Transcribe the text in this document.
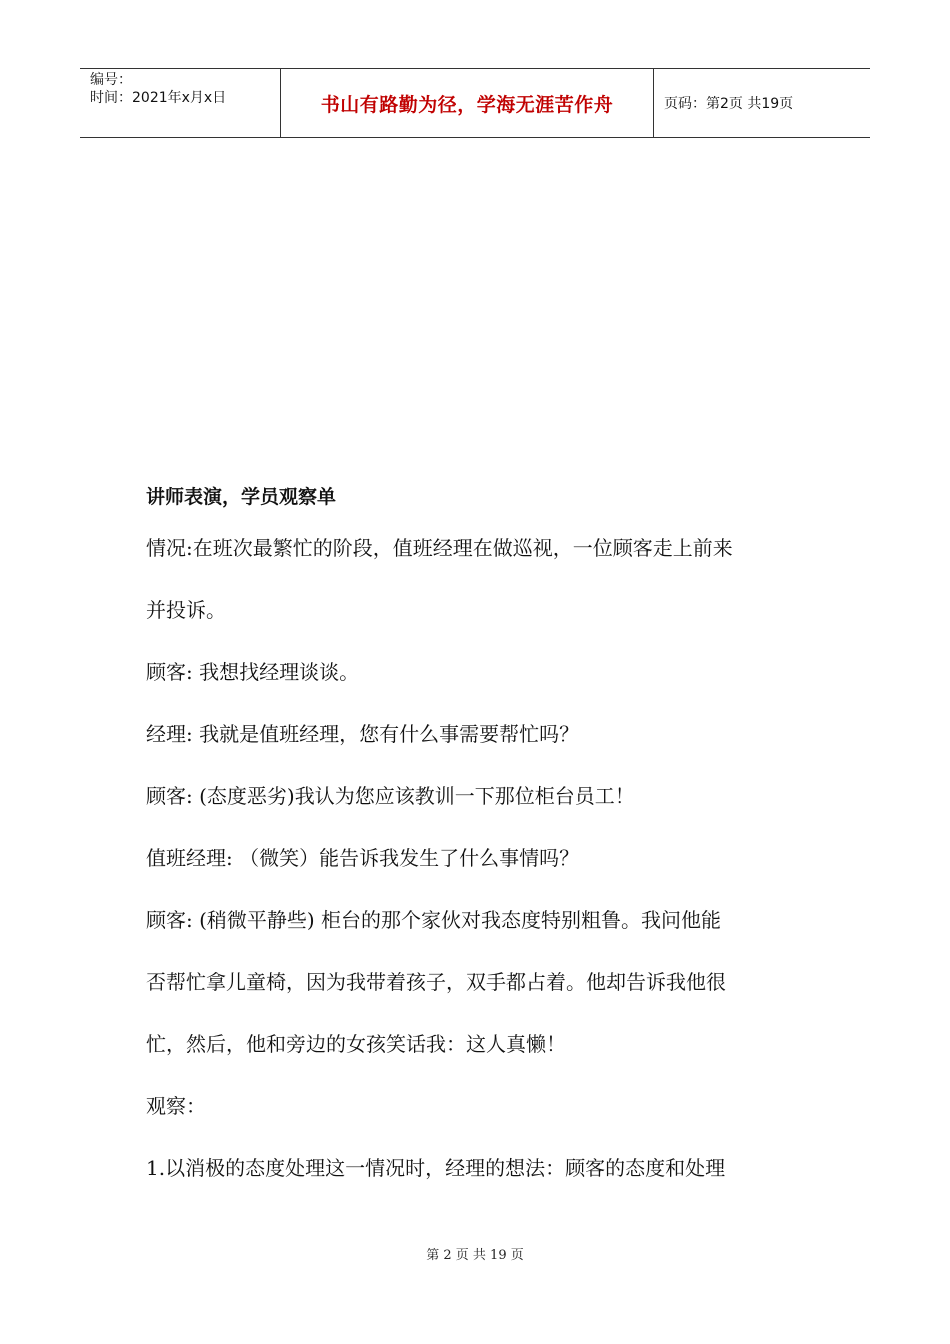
编号：
时间：2021年x月x日	书山有路勤为径，学海无涯苦作舟	页码：第2页 共19页

讲师表演，学员观察单

情况:在班次最繁忙的阶段，值班经理在做巡视，一位顾客走上前来

并投诉。

顾客: 我想找经理谈谈。

经理: 我就是值班经理，您有什么事需要帮忙吗？

顾客: (态度恶劣)我认为您应该教训一下那位柜台员工！

值班经理: （微笑）能告诉我发生了什么事情吗？

顾客: (稍微平静些) 柜台的那个家伙对我态度特别粗鲁。我问他能

否帮忙拿儿童椅，因为我带着孩子，双手都占着。他却告诉我他很

忙，然后，他和旁边的女孩笑话我：这人真懒！

观察：

1.以消极的态度处理这一情况时，经理的想法：顾客的态度和处理

第 2 页 共 19 页
